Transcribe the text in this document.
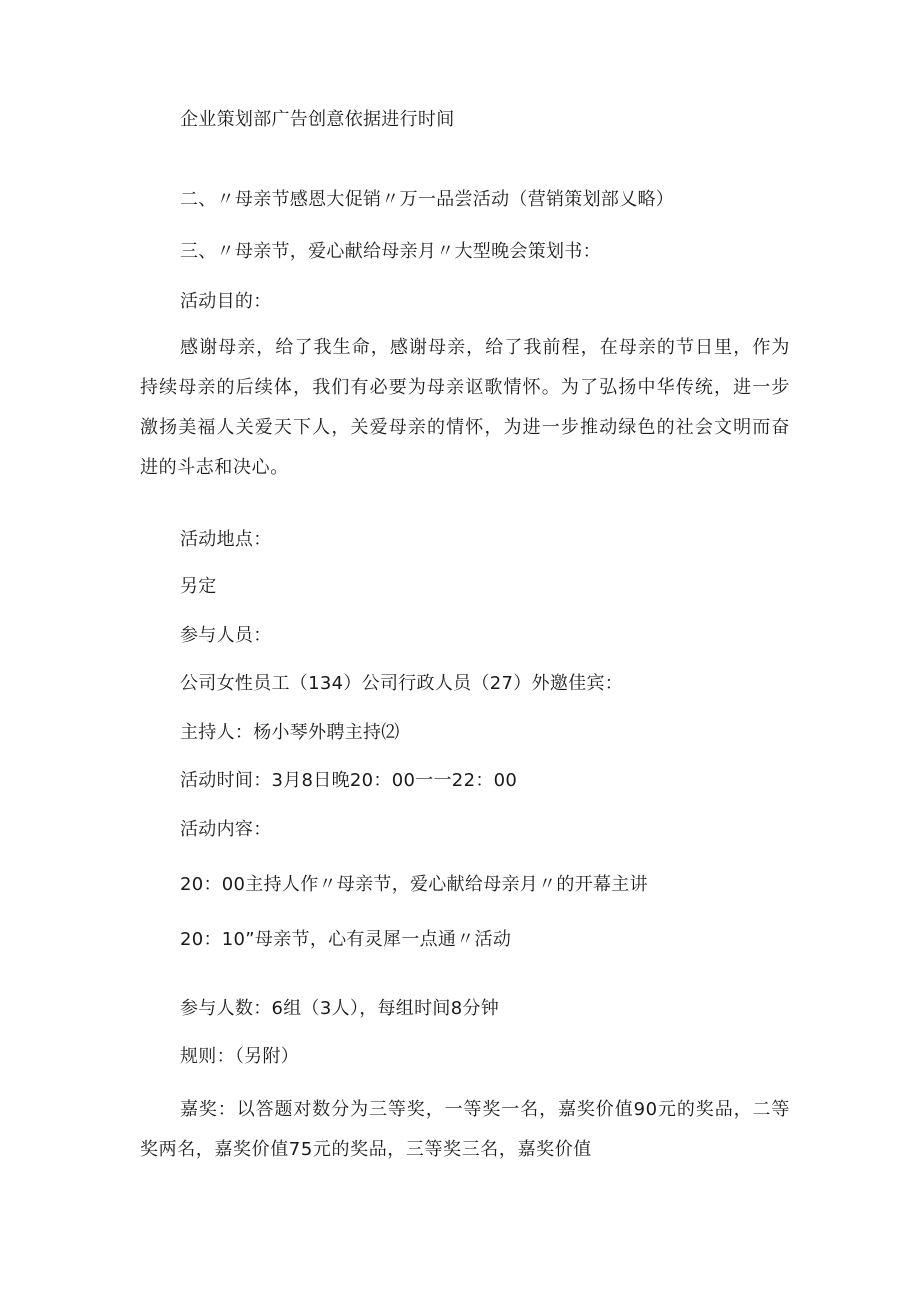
企业策划部广告创意依据进行时间
二、〃母亲节感恩大促销〃万一品尝活动（营销策划部乂略）
三、〃母亲节，爱心献给母亲月〃大型晚会策划书：
活动目的：
感谢母亲，给了我生命，感谢母亲，给了我前程，在母亲的节日里，作为持续母亲的后续体，我们有必要为母亲讴歌情怀。为了弘扬中华传统，进一步激扬美福人关爱天下人，关爱母亲的情怀，为进一步推动绿色的社会文明而奋进的斗志和决心。
活动地点：
另定
参与人员：
公司女性员工（134）公司行政人员（27）外邀佳宾：
主持人：杨小琴外聘主持⑵
活动时间：3月8日晚20：00一一22：00
活动内容：
20：00主持人作〃母亲节，爱心献给母亲月〃的开幕主讲
20：10”母亲节，心有灵犀一点通〃活动
参与人数：6组（3人），每组时间8分钟
规则：（另附）
嘉奖：以答题对数分为三等奖，一等奖一名，嘉奖价值90元的奖品，二等奖两名，嘉奖价值75元的奖品，三等奖三名，嘉奖价值
